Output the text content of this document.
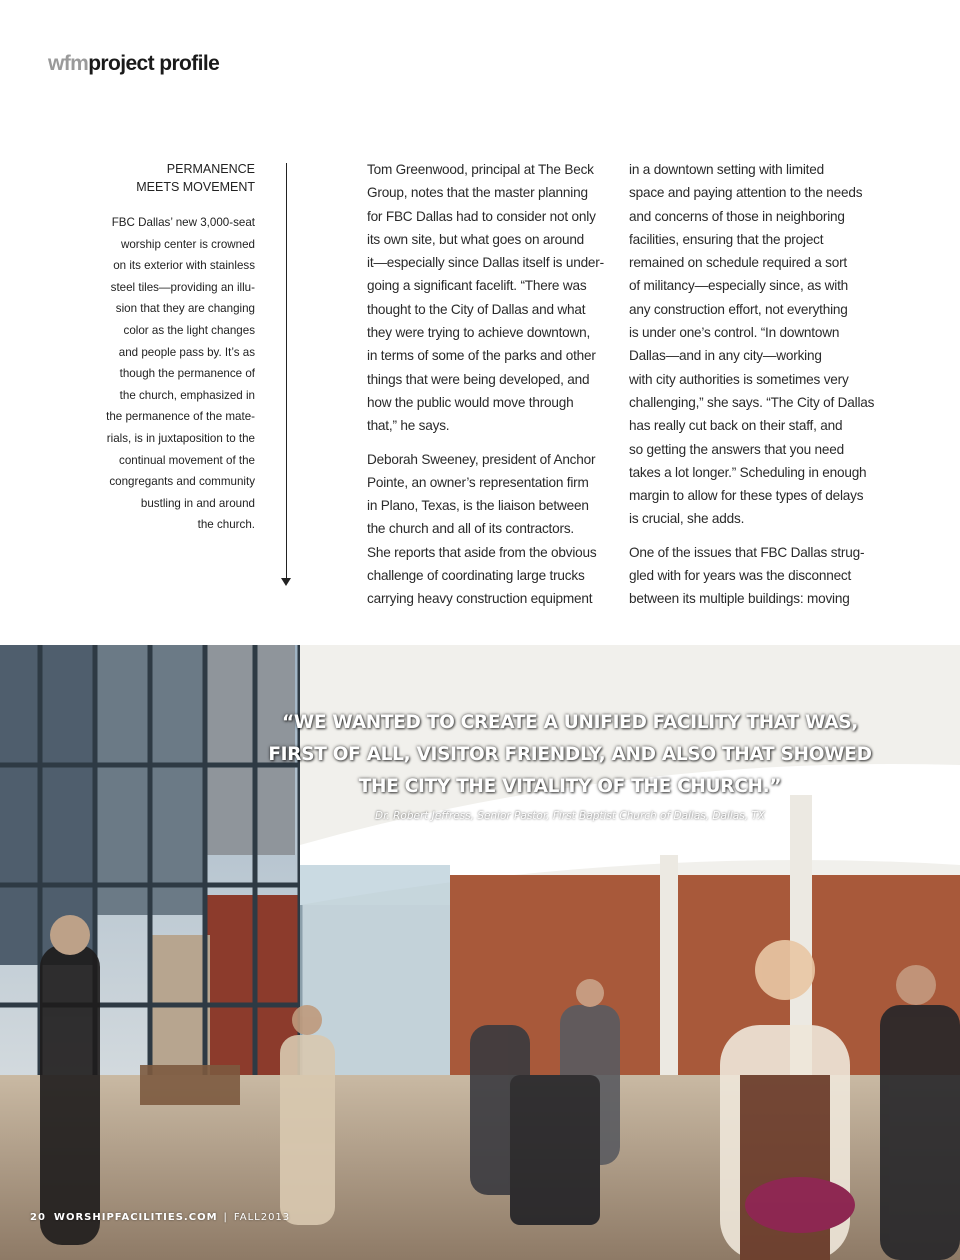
wfmproject profile
PERMANENCE
MEETS MOVEMENT
FBC Dallas’ new 3,000-seat
worship center is crowned
on its exterior with stainless
steel tiles—providing an illu-
sion that they are changing
color as the light changes
and people pass by. It’s as
though the permanence of
the church, emphasized in
the permanence of the mate-
rials, is in juxtaposition to the
continual movement of the
congregants and community
bustling in and around
the church.
Tom Greenwood, principal at The Beck
Group, notes that the master planning
for FBC Dallas had to consider not only
its own site, but what goes on around
it—especially since Dallas itself is under-
going a significant facelift. “There was
thought to the City of Dallas and what
they were trying to achieve downtown,
in terms of some of the parks and other
things that were being developed, and
how the public would move through
that,” he says.
Deborah Sweeney, president of Anchor
Pointe, an owner’s representation firm
in Plano, Texas, is the liaison between
the church and all of its contractors.
She reports that aside from the obvious
challenge of coordinating large trucks
carrying heavy construction equipment
in a downtown setting with limited
space and paying attention to the needs
and concerns of those in neighboring
facilities, ensuring that the project
remained on schedule required a sort
of militancy—especially since, as with
any construction effort, not everything
is under one’s control. “In downtown
Dallas—and in any city—working
with city authorities is sometimes very
challenging,” she says. “The City of Dallas
has really cut back on their staff, and
so getting the answers that you need
takes a lot longer.” Scheduling in enough
margin to allow for these types of delays
is crucial, she adds.
One of the issues that FBC Dallas strug-
gled with for years was the disconnect
between its multiple buildings: moving
“WE WANTED TO CREATE A UNIFIED FACILITY THAT WAS,
FIRST OF ALL, VISITOR FRIENDLY, AND ALSO THAT SHOWED
THE CITY THE VITALITY OF THE CHURCH.”
Dr. Robert Jeffress, Senior Pastor, First Baptist Church of Dallas, Dallas, TX
20 WORSHIPFACILITIES.COM | FALL2013
